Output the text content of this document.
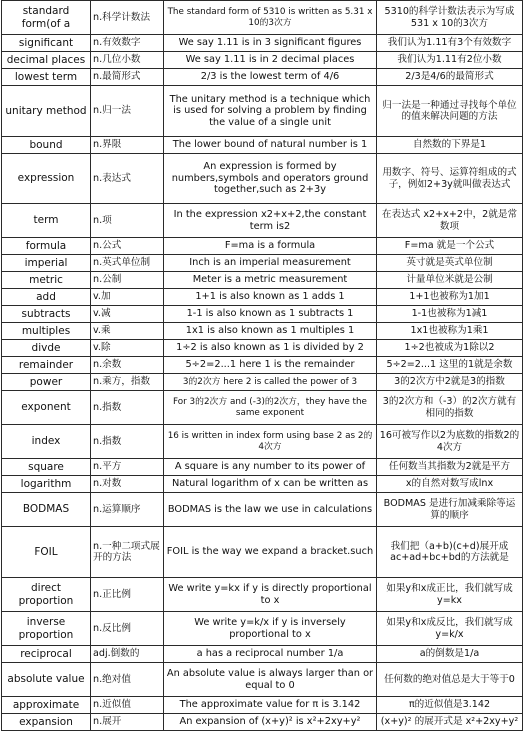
standard form(of a	n.科学计数法	The standard form of 5310 is written as 5.31 x 10的3次方	5310的科学计数法表示为写成531 x 10的3次方
significant	n.有效数字	We say 1.11 is in 3 significant figures	我们认为1.11有3个有效数字
decimal places	n.几位小数	We say 1.11 is in 2 decimal places	我们认为1.11有2位小数
lowest term	n.最简形式	2/3 is the lowest term of 4/6	2/3是4/6的最简形式
unitary method	n.归一法	The unitary method is a technique which is used for solving a problem by finding the value of a single unit	归一法是一种通过寻找每个单位的值来解决问题的方法
bound	n.界限	The lower bound of natural number is 1	自然数的下界是1
expression	n.表达式	An expression is formed by numbers,symbols and operators ground together,such as 2+3y	用数字、符号、运算符组成的式子，例如2+3y就叫做表达式
term	n.项	In the expression x2+x+2,the constant term is2	在表达式 x2+x+2中，2就是常数项
formula	n.公式	F=ma is a formula	F=ma 就是一个公式
imperial	n.英式单位制	Inch is an imperial measurement	英寸就是英式单位制
metric	n.公制	Meter is a metric measurement	计量单位米就是公制
add	v.加	1+1 is also known as 1 adds 1	1+1也被称为1加1
subtracts	v.减	1-1 is also known as 1 subtracts 1	1-1也被称为1减1
multiples	v.乘	1x1 is also known as 1 multiples 1	1x1也被称为1乘1
divde	v.除	1÷2 is also known as 1 is divided by 2	1÷2也被成为1除以2
remainder	n.余数	5÷2=2...1 here 1 is the remainder	5÷2=2...1 这里的1就是余数
power	n.乘方，指数	3的2次方 here 2 is called the power of 3	3的2次方中2就是3的指数
exponent	n.指数	For 3的2次方 and (-3)的2次方，they have the same exponent	3的2次方和（-3）的2次方就有相同的指数
index	n.指数	16 is written in index form using base 2 as 2的4次方	16可被写作以2为底数的指数2的4次方
square	n.平方	A square is any number to its power of	任何数当其指数为2就是平方
logarithm	n.对数	Natural logarithm of x can be written as	x的自然对数写成lnx
BODMAS	n.运算顺序	BODMAS is the law we use in calculations	BODMAS 是进行加减乘除等运算的顺序
FOIL	n.一种二项式展开的方法	FOIL is the way we expand a bracket.such	我们把（a+b)(c+d)展开成ac+ad+bc+bd的方法就是
direct proportion	n.正比例	We write y=kx if y is directly proportional to x	如果y和x成正比，我们就写成y=kx
inverse proportion	n.反比例	We write y=k/x if y is inversely proportional to x	如果y和x成反比，我们就写成y=k/x
reciprocal	adj.倒数的	a has a reciprocal number 1/a	a的倒数是1/a
absolute value	n.绝对值	An absolute value is always larger than or equal to 0	任何数的绝对值总是大于等于0
approximate	n.近似值	The approximate value for π is 3.142	π的近似值是3.142
expansion	n.展开	An expansion of (x+y)² is x²+2xy+y²	(x+y)² 的展开式是 x²+2xy+y²
